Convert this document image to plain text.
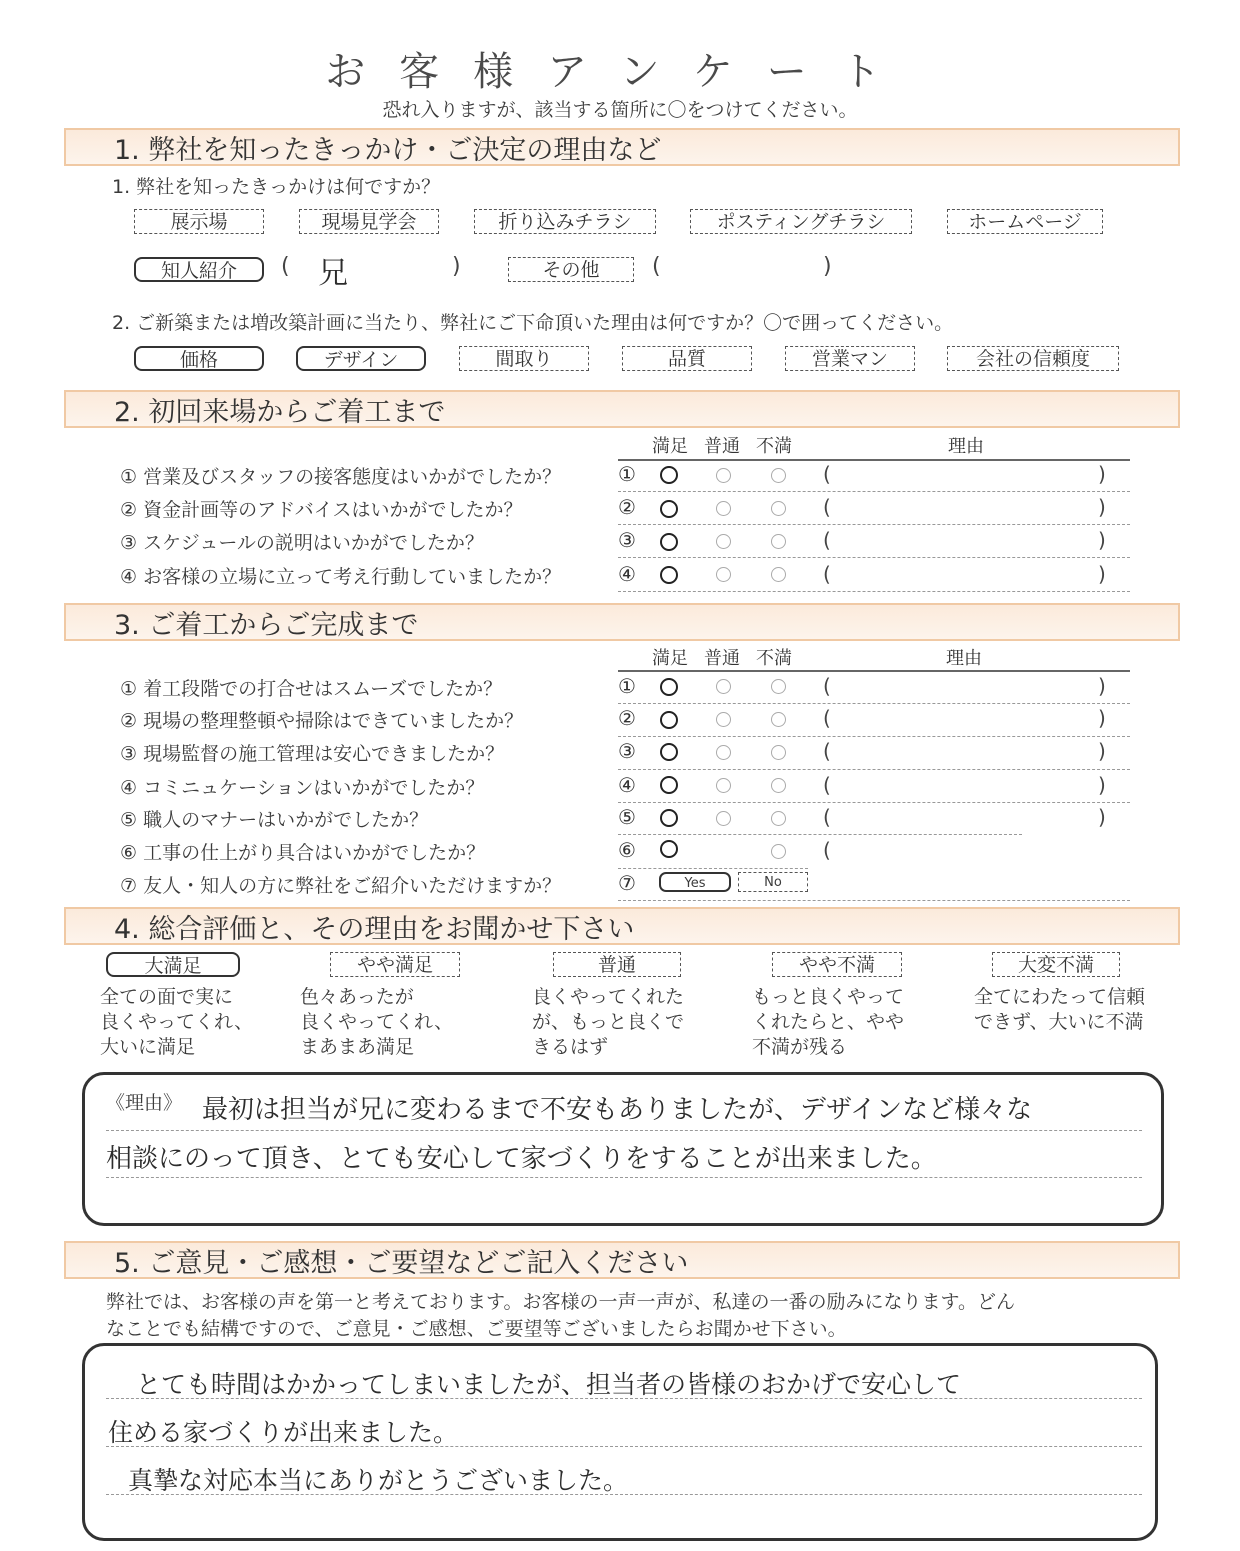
お客様アンケート
恐れ入りますが、該当する箇所に〇をつけてください。
1. 弊社を知ったきっかけ・ご決定の理由など
1. 弊社を知ったきっかけは何ですか？
展示場	現場見学会	折り込みチラシ	ポスティングチラシ	ホームページ
知人紹介	( 兄	)	その他	(	)
2. ご新築または増改築計画に当たり、弊社にご下命頂いた理由は何ですか？〇で囲ってください。
価格	デザイン	間取り	品質	営業マン	会社の信頼度
2. 初回来場からご着工まで
満足 普通 不満	理由
① 営業及びスタッフの接客態度はいかがでしたか？	①	(	)
② 資金計画等のアドバイスはいかがでしたか？	②	(	)
③ スケジュールの説明はいかがでしたか？	③	(	)
④ お客様の立場に立って考え行動していましたか？	④	(	)
3. ご着工からご完成まで
満足 普通 不満	理由
① 着工段階での打合せはスムーズでしたか？	①	(	)
② 現場の整理整頓や掃除はできていましたか？	②	(	)
③ 現場監督の施工管理は安心できましたか？	③	(	)
④ コミニュケーションはいかがでしたか？	④	(	)
⑤ 職人のマナーはいかがでしたか？	⑤	(	)
⑥ 工事の仕上がり具合はいかがでしたか？	⑥	(
⑦ 友人・知人の方に弊社をご紹介いただけますか？	⑦	Yes	No
4. 総合評価と、その理由をお聞かせ下さい
大満足	やや満足	普通	やや不満	大変不満
全ての面で実に
良くやってくれ、
大いに満足
色々あったが
良くやってくれ、
まあまあ満足
良くやってくれた
が、もっと良くで
きるはず
もっと良くやって
くれたらと、やや
不満が残る
全てにわたって信頼
できず、大いに不満
《理由》 最初は担当が兄に変わるまで不安もありましたが、デザインなど様々な
相談にのって頂き、とても安心して家づくりをすることが出来ました。
5. ご意見・ご感想・ご要望などご記入ください
弊社では、お客様の声を第一と考えております。お客様の一声一声が、私達の一番の励みになります。どん
なことでも結構ですので、ご意見・ご感想、ご要望等ございましたらお聞かせ下さい。
とても時間はかかってしまいましたが、担当者の皆様のおかげで安心して
住める家づくりが出来ました。
真摯な対応本当にありがとうございました。
